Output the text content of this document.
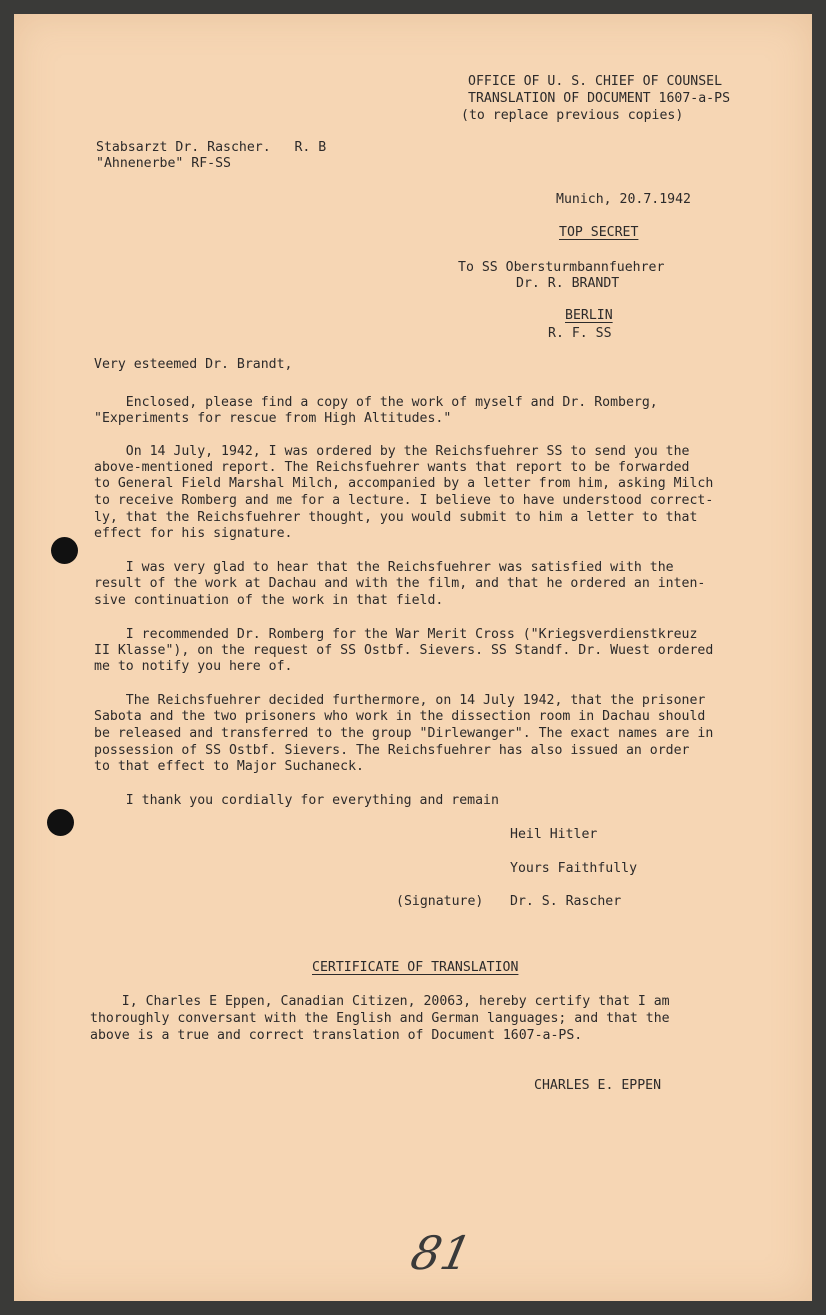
OFFICE OF U. S. CHIEF OF COUNSEL
TRANSLATION OF DOCUMENT 1607-a-PS
(to replace previous copies)
Stabsarzt Dr. Rascher.   R. B
"Ahnenerbe" RF-SS
Munich, 20.7.1942
TOP SECRET
To SS Obersturmbannfuehrer
Dr. R. BRANDT
BERLIN
R. F. SS
Very esteemed Dr. Brandt,
Enclosed, please find a copy of the work of myself and Dr. Romberg,
"Experiments for rescue from High Altitudes."
On 14 July, 1942, I was ordered by the Reichsfuehrer SS to send you the
above-mentioned report. The Reichsfuehrer wants that report to be forwarded
to General Field Marshal Milch, accompanied by a letter from him, asking Milch
to receive Romberg and me for a lecture. I believe to have understood correct-
ly, that the Reichsfuehrer thought, you would submit to him a letter to that
effect for his signature.
I was very glad to hear that the Reichsfuehrer was satisfied with the
result of the work at Dachau and with the film, and that he ordered an inten-
sive continuation of the work in that field.
I recommended Dr. Romberg for the War Merit Cross ("Kriegsverdienstkreuz
II Klasse"), on the request of SS Ostbf. Sievers. SS Standf. Dr. Wuest ordered
me to notify you here of.
The Reichsfuehrer decided furthermore, on 14 July 1942, that the prisoner
Sabota and the two prisoners who work in the dissection room in Dachau should
be released and transferred to the group "Dirlewanger". The exact names are in
possession of SS Ostbf. Sievers. The Reichsfuehrer has also issued an order
to that effect to Major Suchaneck.
I thank you cordially for everything and remain
Heil Hitler
Yours Faithfully
(Signature) Dr. S. Rascher
CERTIFICATE OF TRANSLATION
I, Charles E Eppen, Canadian Citizen, 20063, hereby certify that I am
thoroughly conversant with the English and German languages; and that the
above is a true and correct translation of Document 1607-a-PS.
CHARLES E. EPPEN
81
